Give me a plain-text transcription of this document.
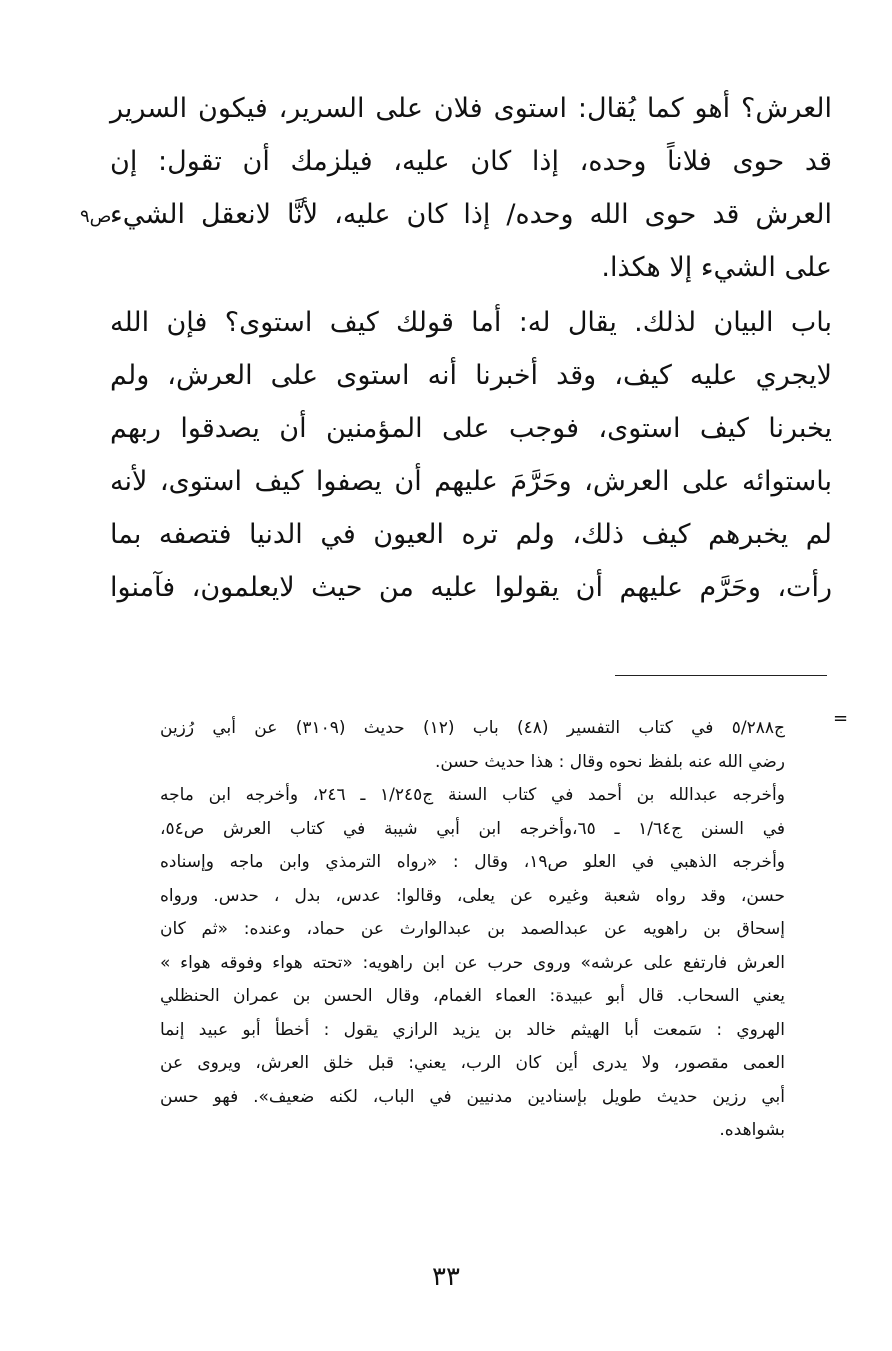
العرش؟ أهو كما يُقال: استوى فلان على السرير، فيكون السرير
قد حوى فلاناً وحده، إذا كان عليه، فيلزمك أن تقول: إن
العرش قد حوى الله وحده/ إذا كان عليه، لأنَّا لانعقل الشيء
على الشيء إلا هكذا.
ص٩
باب البيان لذلك. يقال له: أما قولك كيف استوى؟ فإن الله
لايجري عليه كيف، وقد أخبرنا أنه استوى على العرش، ولم
يخبرنا كيف استوى، فوجب على المؤمنين أن يصدقوا ربهم
باستوائه على العرش، وحَرَّمَ عليهم أن يصفوا كيف استوى، لأنه
لم يخبرهم كيف ذلك، ولم تره العيون في الدنيا فتصفه بما
رأت، وحَرَّم عليهم أن يقولوا عليه من حيث لايعلمون، فآمنوا
=
ج٥/٢٨٨ في كتاب التفسير (٤٨) باب (١٢) حديث (٣١٠٩) عن أبي رُزين
رضي الله عنه بلفظ نحوه وقال : هذا حديث حسن.
وأخرجه عبدالله بن أحمد في كتاب السنة ج١/٢٤٥ ـ ٢٤٦، وأخرجه ابن ماجه
في السنن ج١/٦٤ ـ ٦٥،وأخرجه ابن أبي شيبة في كتاب العرش ص٥٤،
وأخرجه الذهبي في العلو ص١٩، وقال : «رواه الترمذي وابن ماجه وإسناده
حسن، وقد رواه شعبة وغيره عن يعلى، وقالوا: عدس، بدل ، حدس. ورواه
إسحاق بن راهويه عن عبدالصمد بن عبدالوارث عن حماد، وعنده: «ثم كان
العرش فارتفع على عرشه» وروى حرب عن ابن راهويه: «تحته هواء وفوقه هواء »
يعني السحاب. قال أبو عبيدة: العماء الغمام، وقال الحسن بن عمران الحنظلي
الهروي : سَمعت أبا الهيثم خالد بن يزيد الرازي يقول : أخطأ أبو عبيد إنما
العمى مقصور، ولا يدرى أين كان الرب، يعني: قبل خلق العرش، ويروى عن
أبي رزين حديث طويل بإسنادين مدنيين في الباب، لكنه ضعيف». فهو حسن
بشواهده.
٣٣
